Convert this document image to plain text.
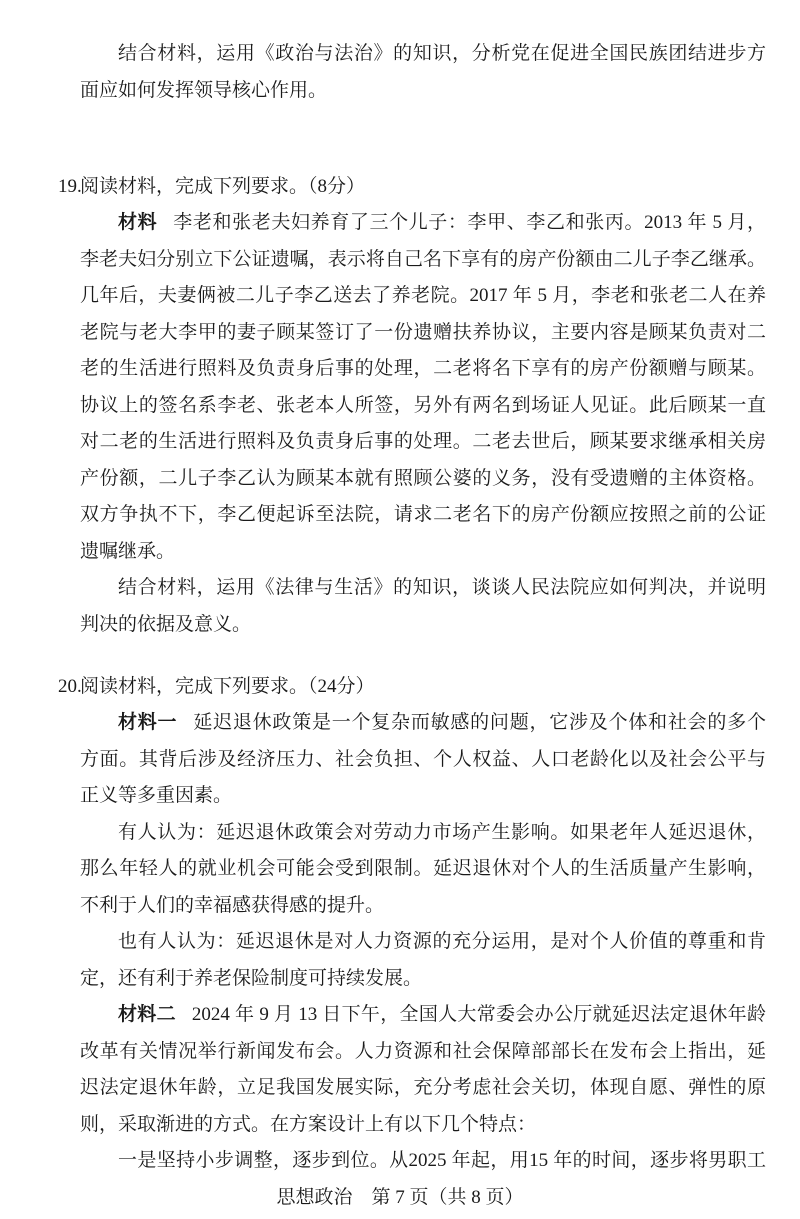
结合材料，运用《政治与法治》的知识，分析党在促进全国民族团结进步方
面应如何发挥领导核心作用。
19.
阅读材料，完成下列要求。（8分）
材料 李老和张老夫妇养育了三个儿子：李甲、李乙和张丙。2013 年 5 月，
李老夫妇分别立下公证遗嘱，表示将自己名下享有的房产份额由二儿子李乙继承。
几年后，夫妻俩被二儿子李乙送去了养老院。2017 年 5 月，李老和张老二人在养
老院与老大李甲的妻子顾某签订了一份遗赠扶养协议，主要内容是顾某负责对二
老的生活进行照料及负责身后事的处理，二老将名下享有的房产份额赠与顾某。
协议上的签名系李老、张老本人所签，另外有两名到场证人见证。此后顾某一直
对二老的生活进行照料及负责身后事的处理。二老去世后，顾某要求继承相关房
产份额，二儿子李乙认为顾某本就有照顾公婆的义务，没有受遗赠的主体资格。
双方争执不下，李乙便起诉至法院，请求二老名下的房产份额应按照之前的公证
遗嘱继承。
结合材料，运用《法律与生活》的知识，谈谈人民法院应如何判决，并说明
判决的依据及意义。
20.
阅读材料，完成下列要求。（24分）
材料一 延迟退休政策是一个复杂而敏感的问题，它涉及个体和社会的多个
方面。其背后涉及经济压力、社会负担、个人权益、人口老龄化以及社会公平与
正义等多重因素。
有人认为：延迟退休政策会对劳动力市场产生影响。如果老年人延迟退休，
那么年轻人的就业机会可能会受到限制。延迟退休对个人的生活质量产生影响，
不利于人们的幸福感获得感的提升。
也有人认为：延迟退休是对人力资源的充分运用，是对个人价值的尊重和肯
定，还有利于养老保险制度可持续发展。
材料二 2024 年 9 月 13 日下午，全国人大常委会办公厅就延迟法定退休年龄
改革有关情况举行新闻发布会。人力资源和社会保障部部长在发布会上指出，延
迟法定退休年龄，立足我国发展实际，充分考虑社会关切，体现自愿、弹性的原
则，采取渐进的方式。在方案设计上有以下几个特点：
一是坚持小步调整，逐步到位。从2025 年起，用15 年的时间，逐步将男职工
思想政治  第 7 页（共 8 页）
